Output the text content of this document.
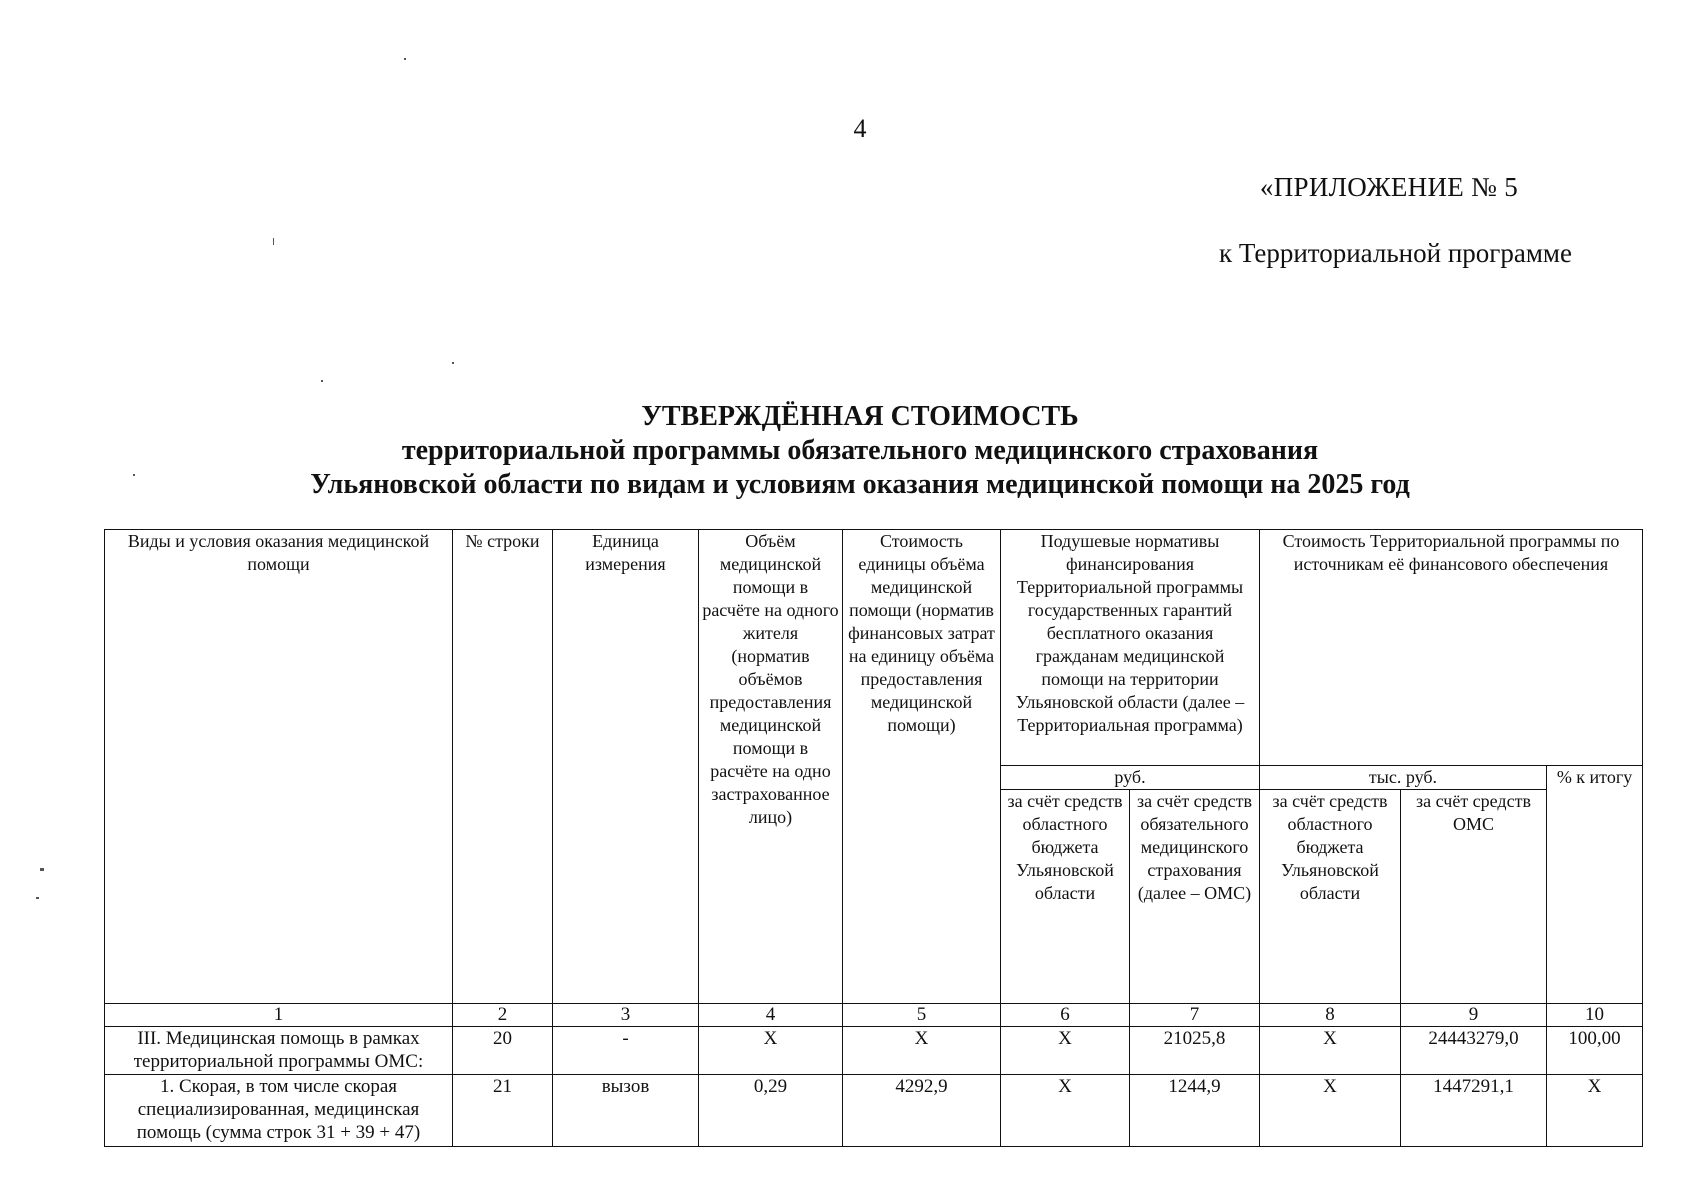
4
«ПРИЛОЖЕНИЕ № 5
к Территориальной программе
УТВЕРЖДЁННАЯ СТОИМОСТЬ
территориальной программы обязательного медицинского страхования
Ульяновской области по видам и условиям оказания медицинской помощи на 2025 год
Виды и условия оказания медицинской помощи	№ строки	Единица измерения	Объём медицинской помощи в расчёте на одного жителя (норматив объёмов предоставления медицинской помощи в расчёте на одно застрахованное лицо)	Стоимость единицы объёма медицинской помощи (норматив финансовых затрат на единицу объёма предоставления медицинской помощи)	Подушевые нормативы финансирования Территориальной программы государственных гарантий бесплатного оказания гражданам медицинской помощи на территории Ульяновской области (далее – Территориальная программа)		Стоимость Территориальной программы по источникам её финансового обеспечения		
					руб.		тыс. руб.		% к итогу
					за счёт средств областного бюджета Ульяновской области	за счёт средств обязательного медицинского страхования (далее – ОМС)	за счёт средств областного бюджета Ульяновской области	за счёт средств ОМС	
1	2	3	4	5	6	7	8	9	10
III. Медицинская помощь в рамках территориальной программы ОМС:	20	-	Х	Х	Х	21025,8	Х	24443279,0	100,00
1. Скорая, в том числе скорая специализированная, медицинская помощь (сумма строк 31 + 39 + 47)	21	вызов	0,29	4292,9	Х	1244,9	Х	1447291,1	Х
